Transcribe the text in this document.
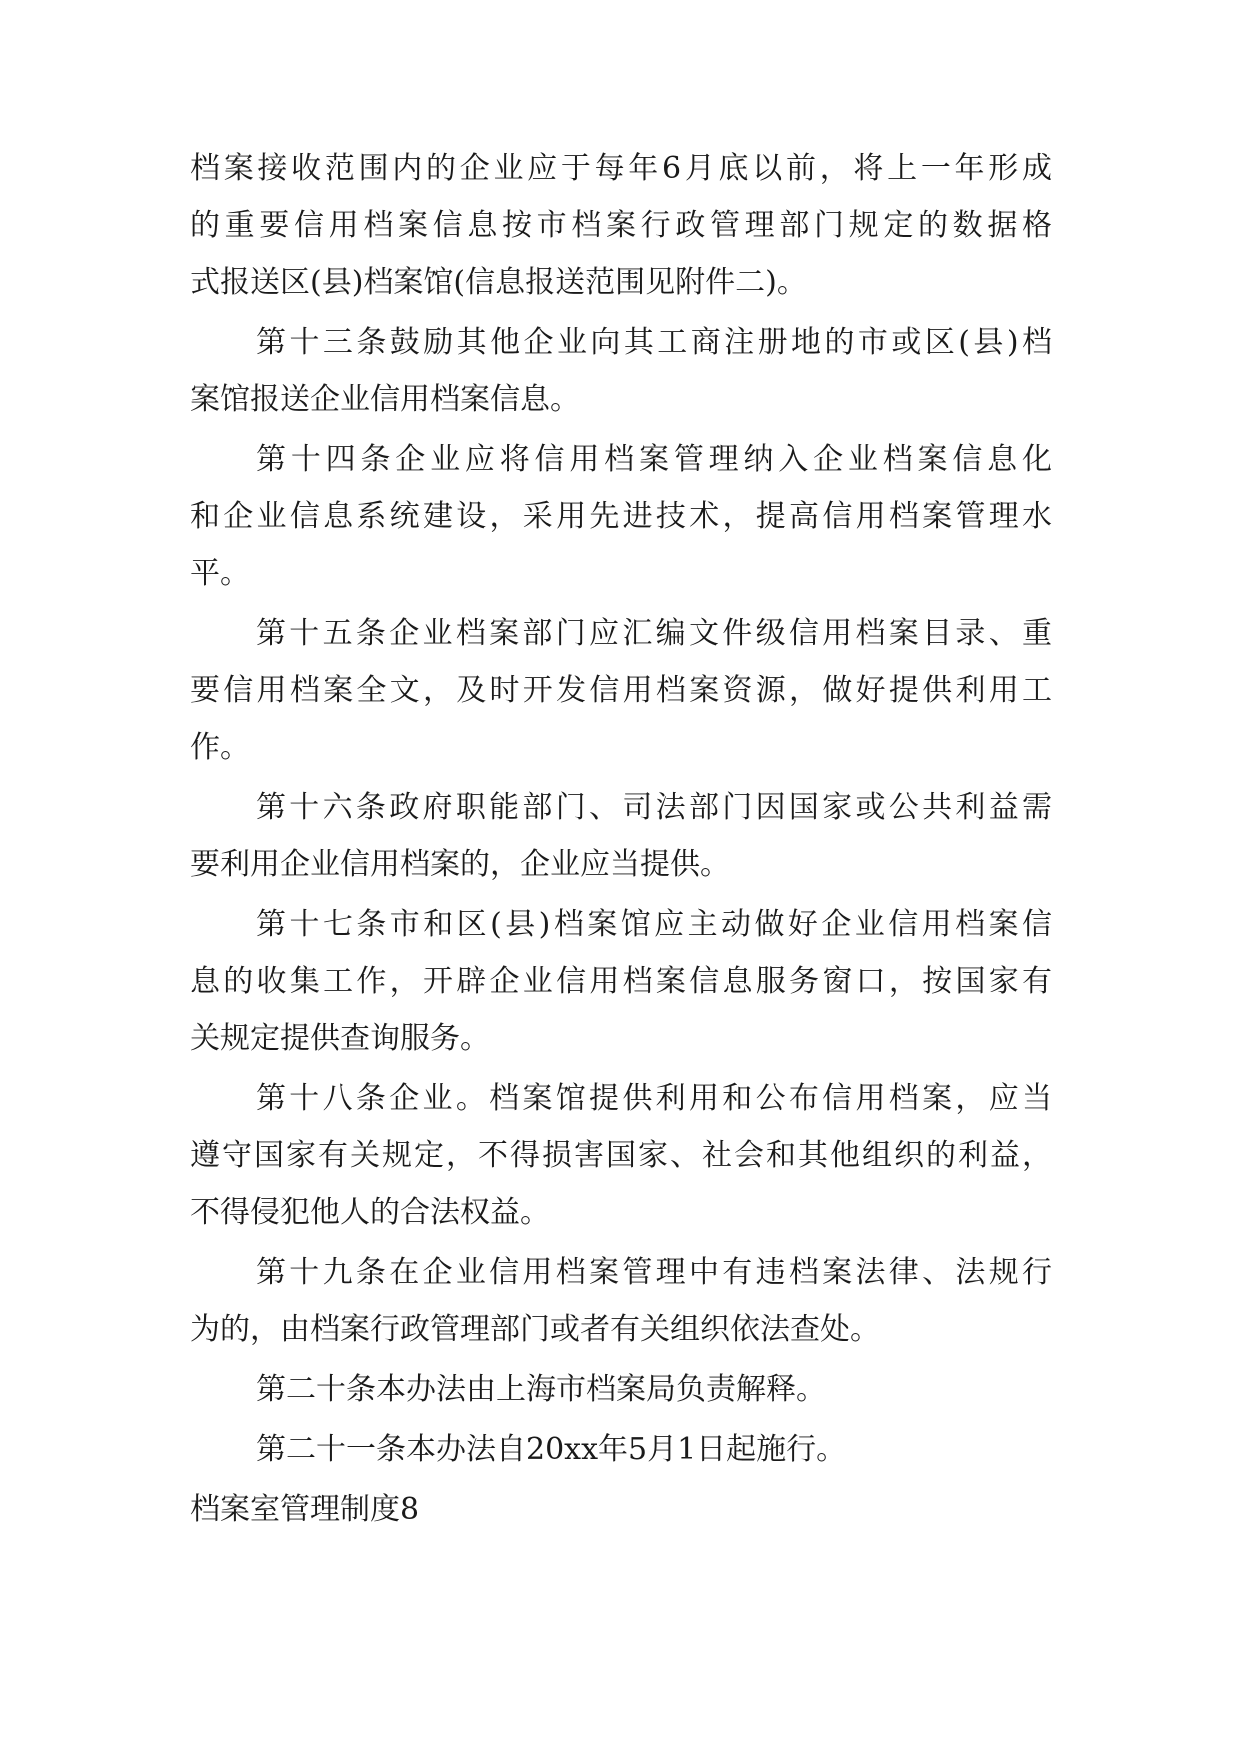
档案接收范围内的企业应于每年6月底以前，将上一年形成
的重要信用档案信息按市档案行政管理部门规定的数据格
式报送区(县)档案馆(信息报送范围见附件二)。
第十三条鼓励其他企业向其工商注册地的市或区(县)档
案馆报送企业信用档案信息。
第十四条企业应将信用档案管理纳入企业档案信息化
和企业信息系统建设，采用先进技术，提高信用档案管理水
平。
第十五条企业档案部门应汇编文件级信用档案目录、重
要信用档案全文，及时开发信用档案资源，做好提供利用工
作。
第十六条政府职能部门、司法部门因国家或公共利益需
要利用企业信用档案的，企业应当提供。
第十七条市和区(县)档案馆应主动做好企业信用档案信
息的收集工作，开辟企业信用档案信息服务窗口，按国家有
关规定提供查询服务。
第十八条企业。档案馆提供利用和公布信用档案，应当
遵守国家有关规定，不得损害国家、社会和其他组织的利益，
不得侵犯他人的合法权益。
第十九条在企业信用档案管理中有违档案法律、法规行
为的，由档案行政管理部门或者有关组织依法查处。
第二十条本办法由上海市档案局负责解释。
第二十一条本办法自20xx年5月1日起施行。
档案室管理制度8
